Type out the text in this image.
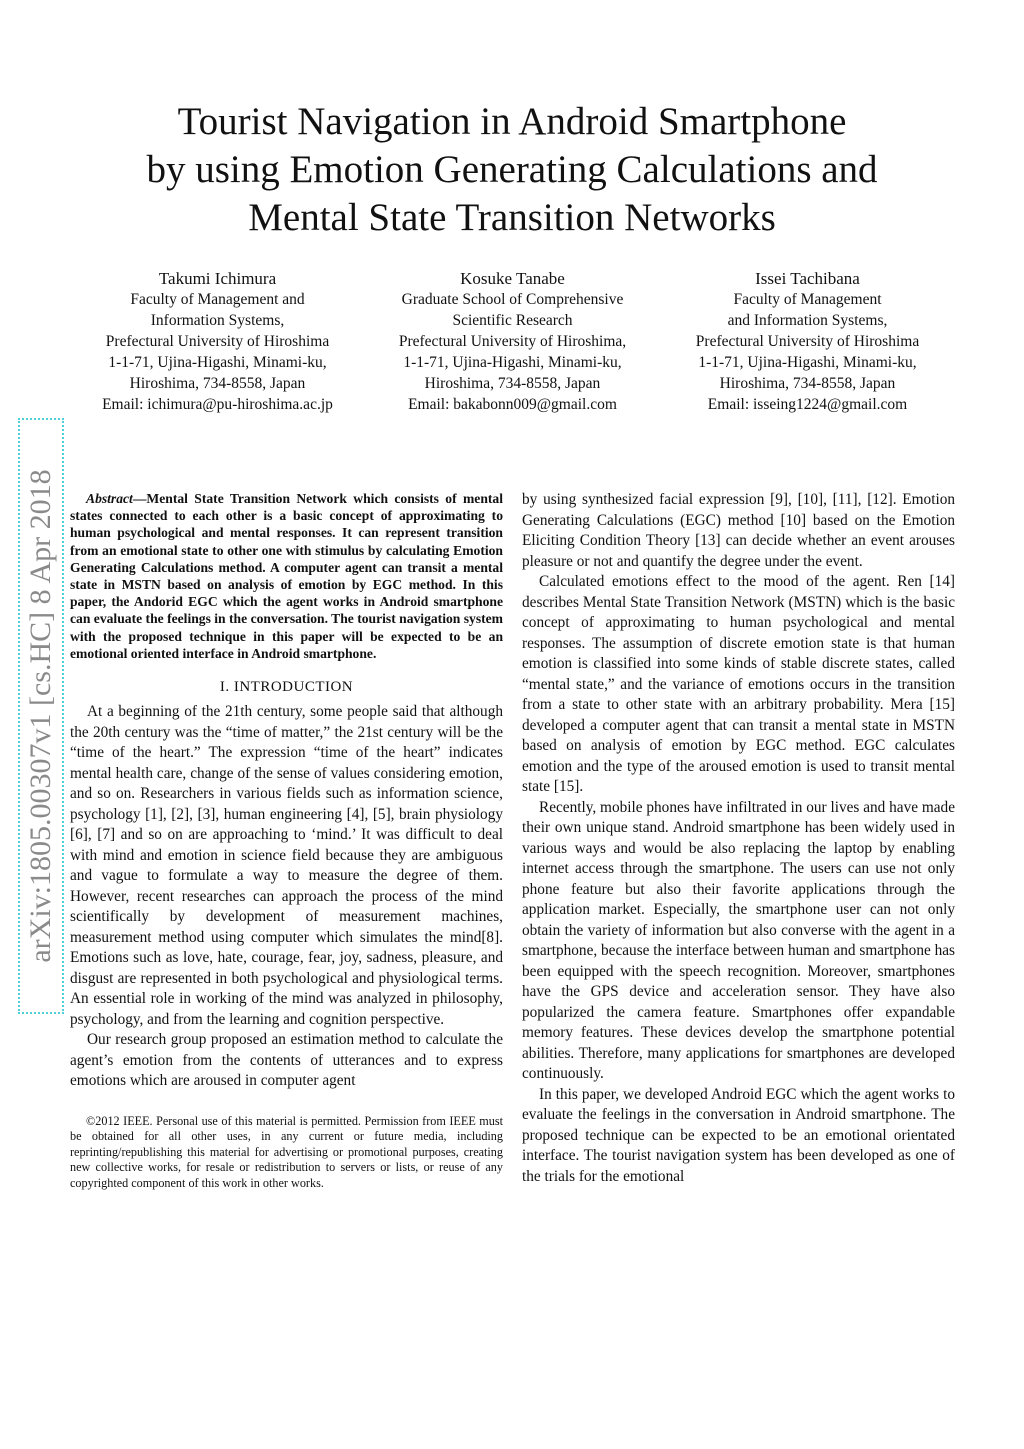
Tourist Navigation in Android Smartphone
by using Emotion Generating Calculations and
Mental State Transition Networks
Takumi Ichimura
Faculty of Management and
Information Systems,
Prefectural University of Hiroshima
1-1-71, Ujina-Higashi, Minami-ku,
Hiroshima, 734-8558, Japan
Email: ichimura@pu-hiroshima.ac.jp
Kosuke Tanabe
Graduate School of Comprehensive
Scientific Research
Prefectural University of Hiroshima,
1-1-71, Ujina-Higashi, Minami-ku,
Hiroshima, 734-8558, Japan
Email: bakabonn009@gmail.com
Issei Tachibana
Faculty of Management
and Information Systems,
Prefectural University of Hiroshima
1-1-71, Ujina-Higashi, Minami-ku,
Hiroshima, 734-8558, Japan
Email: isseing1224@gmail.com
arXiv:1805.00307v1 [cs.HC] 8 Apr 2018	Abstract—Mental State Transition Network which consists of mental states connected to each other is a basic concept of approximating to human psychological and mental responses. It can represent transition from an emotional state to other one with stimulus by calculating Emotion Generating Calculations method. A computer agent can transit a mental state in MSTN based on analysis of emotion by EGC method. In this paper, the Andorid EGC which the agent works in Android smartphone can evaluate the feelings in the conversation. The tourist navigation system with the proposed technique in this paper will be expected to be an emotional oriented interface in Android smartphone.

I. INTRODUCTION

At a beginning of the 21th century, some people said that although the 20th century was the “time of matter,” the 21st century will be the “time of the heart.” The expression “time of the heart” indicates mental health care, change of the sense of values considering emotion, and so on. Researchers in various fields such as information science, psychology [1], [2], [3], human engineering [4], [5], brain physiology [6], [7] and so on are approaching to ‘mind.’ It was difficult to deal with mind and emotion in science field because they are ambiguous and vague to formulate a way to measure the degree of them. However, recent researches can approach the process of the mind scientifically by development of measurement machines, measurement method using computer which simulates the mind[8]. Emotions such as love, hate, courage, fear, joy, sadness, pleasure, and disgust are represented in both psychological and physiological terms. An essential role in working of the mind was analyzed in philosophy, psychology, and from the learning and cognition perspective.

Our research group proposed an estimation method to calculate the agent’s emotion from the contents of utterances and to express emotions which are aroused in computer agent

©2012 IEEE. Personal use of this material is permitted. Permission from IEEE must be obtained for all other uses, in any current or future media, including reprinting/republishing this material for advertising or promotional purposes, creating new collective works, for resale or redistribution to servers or lists, or reuse of any copyrighted component of this work in other works.

by using synthesized facial expression [9], [10], [11], [12]. Emotion Generating Calculations (EGC) method [10] based on the Emotion Eliciting Condition Theory [13] can decide whether an event arouses pleasure or not and quantify the degree under the event.

Calculated emotions effect to the mood of the agent. Ren [14] describes Mental State Transition Network (MSTN) which is the basic concept of approximating to human psychological and mental responses. The assumption of discrete emotion state is that human emotion is classified into some kinds of stable discrete states, called “mental state,” and the variance of emotions occurs in the transition from a state to other state with an arbitrary probability. Mera [15] developed a computer agent that can transit a mental state in MSTN based on analysis of emotion by EGC method. EGC calculates emotion and the type of the aroused emotion is used to transit mental state [15].

Recently, mobile phones have infiltrated in our lives and have made their own unique stand. Android smartphone has been widely used in various ways and would be also replacing the laptop by enabling internet access through the smartphone. The users can use not only phone feature but also their favorite applications through the application market. Especially, the smartphone user can not only obtain the variety of information but also converse with the agent in a smartphone, because the interface between human and smartphone has been equipped with the speech recognition. Moreover, smartphones have the GPS device and acceleration sensor. They have also popularized the camera feature. Smartphones offer expandable memory features. These devices develop the smartphone potential abilities. Therefore, many applications for smartphones are developed continuously.

In this paper, we developed Android EGC which the agent works to evaluate the feelings in the conversation in Android smartphone. The proposed technique can be expected to be an emotional orientated interface. The tourist navigation system has been developed as one of the trials for the emotional
